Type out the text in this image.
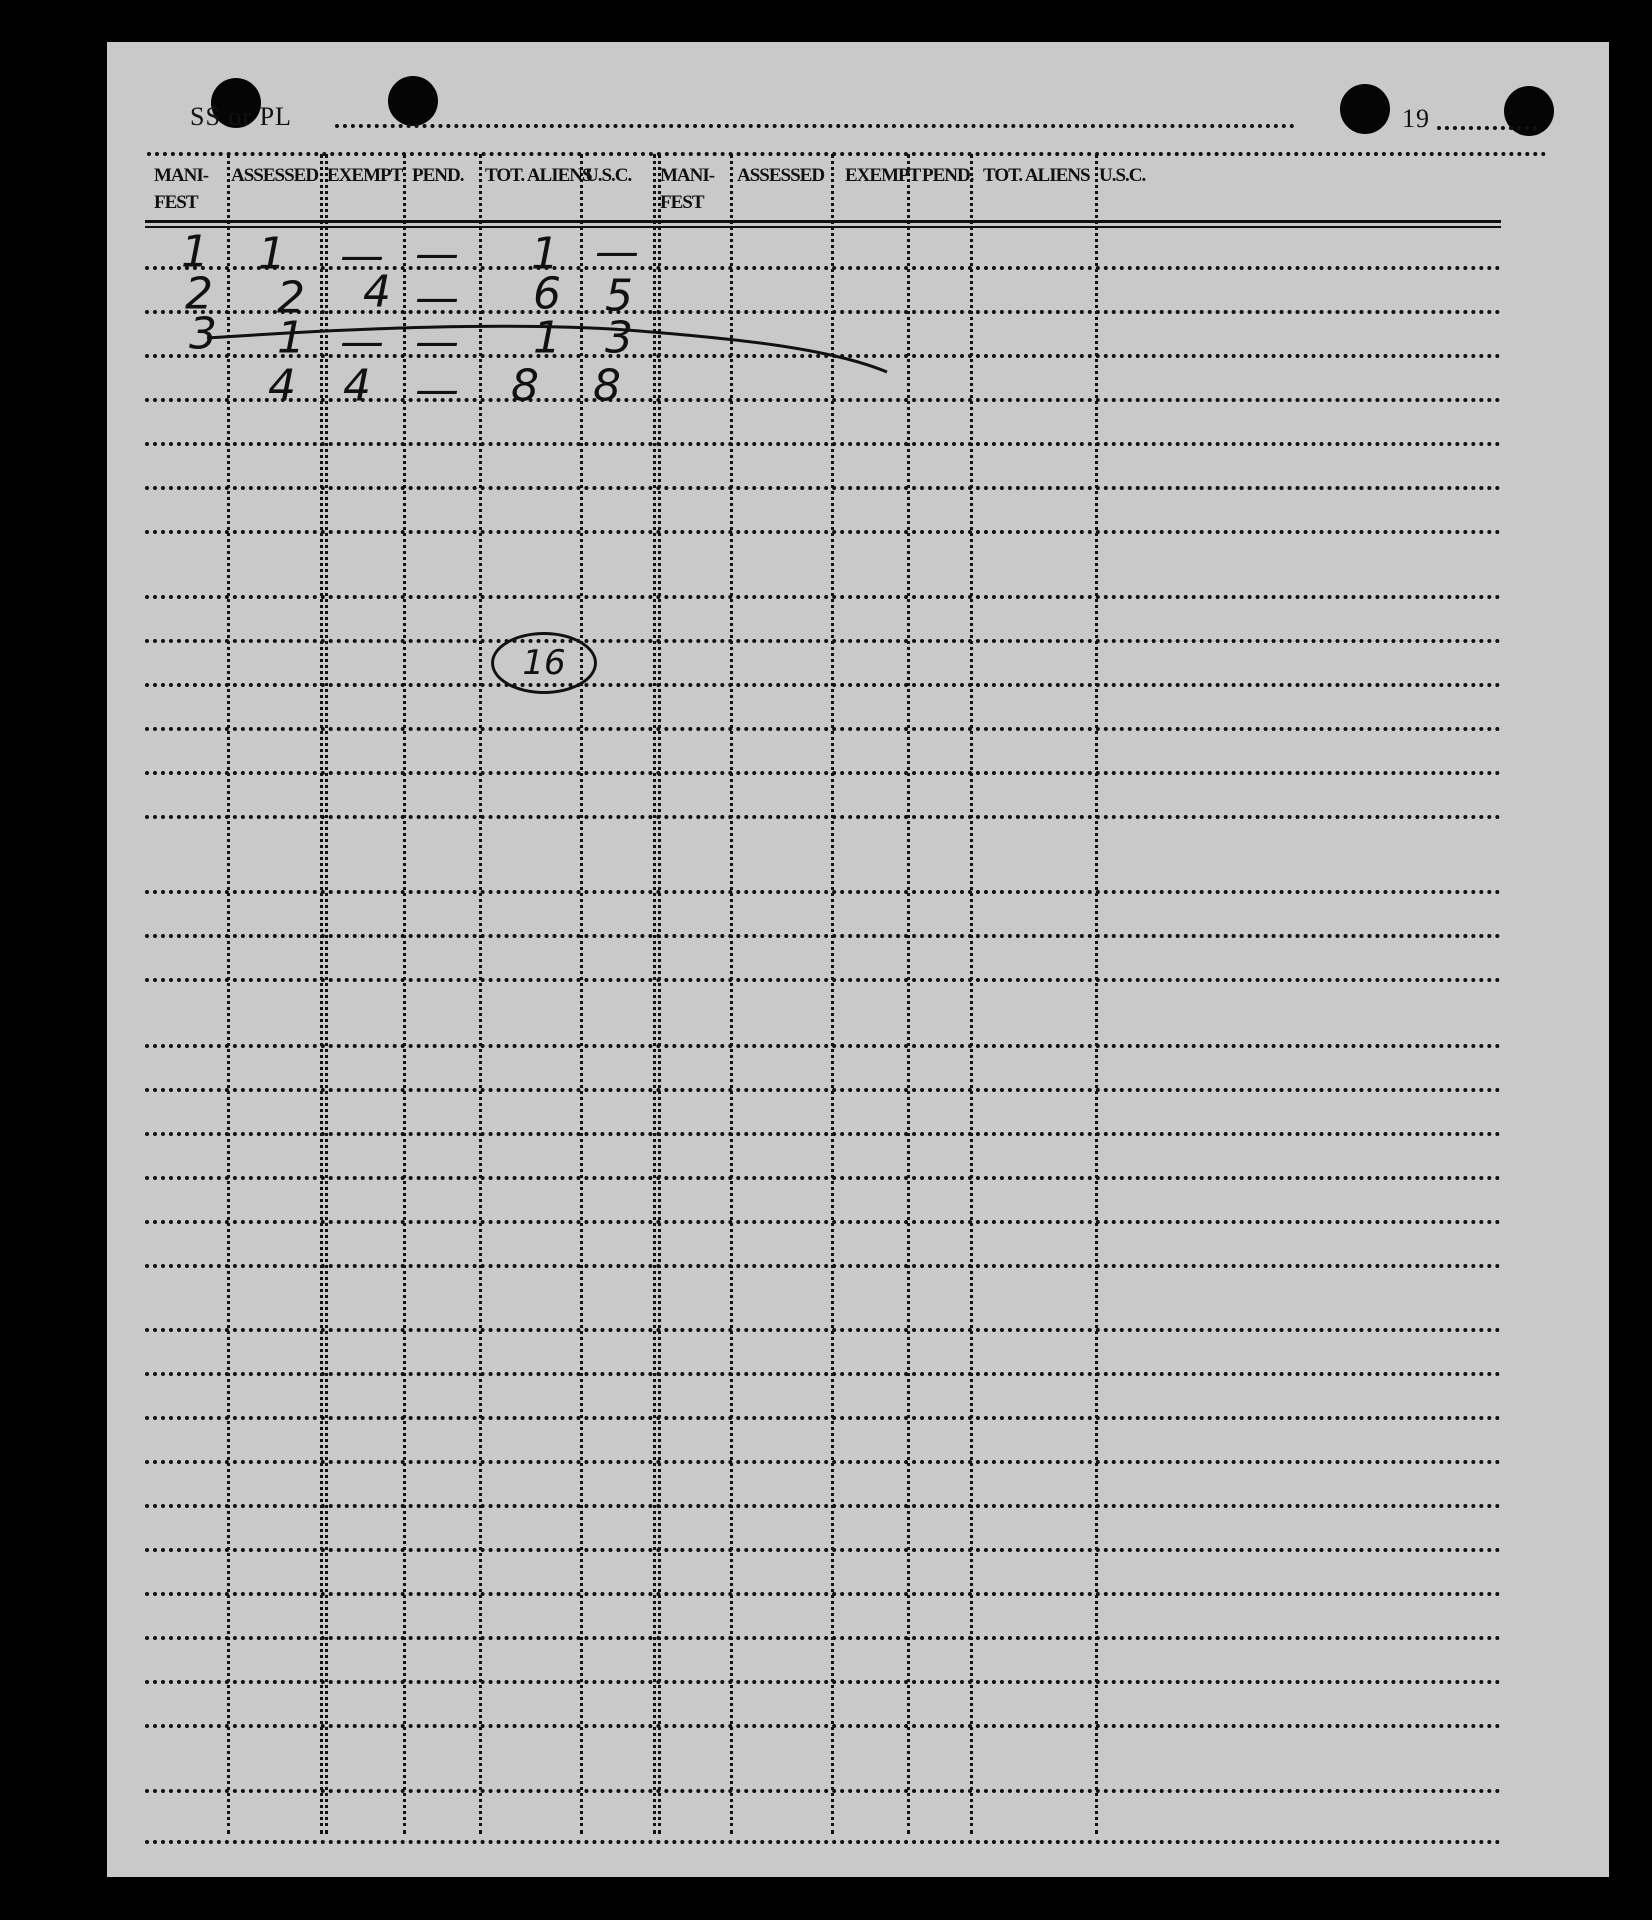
SS or PL	19
MANI-
FEST
ASSESSED EXEMPT PEND. TOT. ALIENS
U.S.C. MANI-
FEST
ASSESSED EXEMPT PEND. TOT. ALIENS U.S.C.
1 1 — — 1 —
2 2 4 — 6 5
3 1 — — 1 3
4 4 — 8 8
16
